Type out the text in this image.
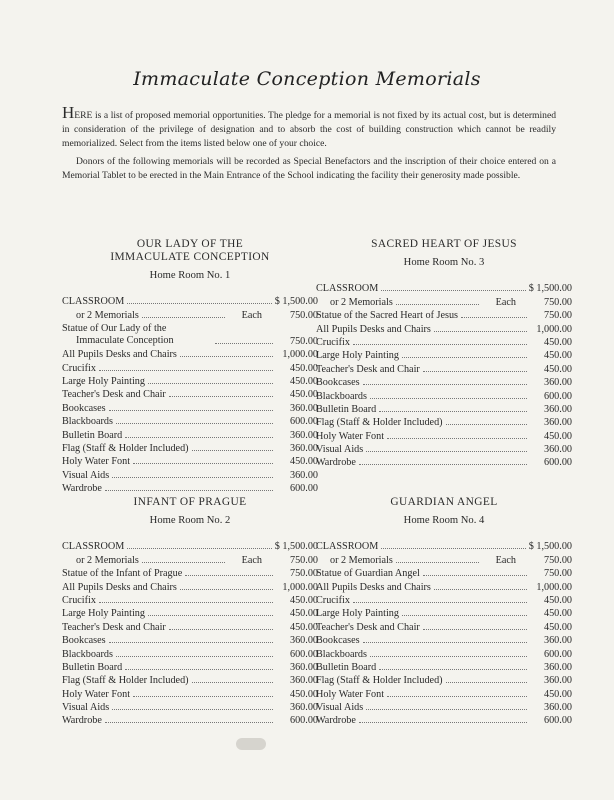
Immaculate Conception Memorials

HERE is a list of proposed memorial opportunities. The pledge for a memorial is not fixed by its actual cost, but is determined in consideration of the privilege of designation and to absorb the cost of building construction which cannot be readily memorialized. Select from the items listed below one of your choice.

Donors of the following memorials will be recorded as Special Benefactors and the inscription of their choice entered on a Memorial Tablet to be erected in the Main Entrance of the School indicating the facility their generosity made possible.

OUR LADY OF THE
IMMACULATE CONCEPTION
Home Room No. 1
CLASSROOM	$ 1,500.00
or 2 Memorials	Each	750.00
Statue of Our Lady of the
Immaculate Conception	750.00
All Pupils Desks and Chairs	1,000.00
Crucifix	450.00
Large Holy Painting	450.00
Teacher's Desk and Chair	450.00
Bookcases	360.00
Blackboards	600.00
Bulletin Board	360.00
Flag (Staff & Holder Included)	360.00
Holy Water Font	450.00
Visual Aids	360.00
Wardrobe	600.00
SACRED HEART OF JESUS
Home Room No. 3
CLASSROOM	$ 1,500.00
or 2 Memorials	Each	750.00
Statue of the Sacred Heart of Jesus	750.00
All Pupils Desks and Chairs	1,000.00
Crucifix	450.00
Large Holy Painting	450.00
Teacher's Desk and Chair	450.00
Bookcases	360.00
Blackboards	600.00
Bulletin Board	360.00
Flag (Staff & Holder Included)	360.00
Holy Water Font	450.00
Visual Aids	360.00
Wardrobe	600.00
INFANT OF PRAGUE
Home Room No. 2
CLASSROOM	$ 1,500.00
or 2 Memorials	Each	750.00
Statue of the Infant of Prague	750.00
All Pupils Desks and Chairs	1,000.00
Crucifix	450.00
Large Holy Painting	450.00
Teacher's Desk and Chair	450.00
Bookcases	360.00
Blackboards	600.00
Bulletin Board	360.00
Flag (Staff & Holder Included)	360.00
Holy Water Font	450.00
Visual Aids	360.00
Wardrobe	600.00
GUARDIAN ANGEL
Home Room No. 4
CLASSROOM	$ 1,500.00
or 2 Memorials	Each	750.00
Statue of Guardian Angel	750.00
All Pupils Desks and Chairs	1,000.00
Crucifix	450.00
Large Holy Painting	450.00
Teacher's Desk and Chair	450.00
Bookcases	360.00
Blackboards	600.00
Bulletin Board	360.00
Flag (Staff & Holder Included)	360.00
Holy Water Font	450.00
Visual Aids	360.00
Wardrobe	600.00
